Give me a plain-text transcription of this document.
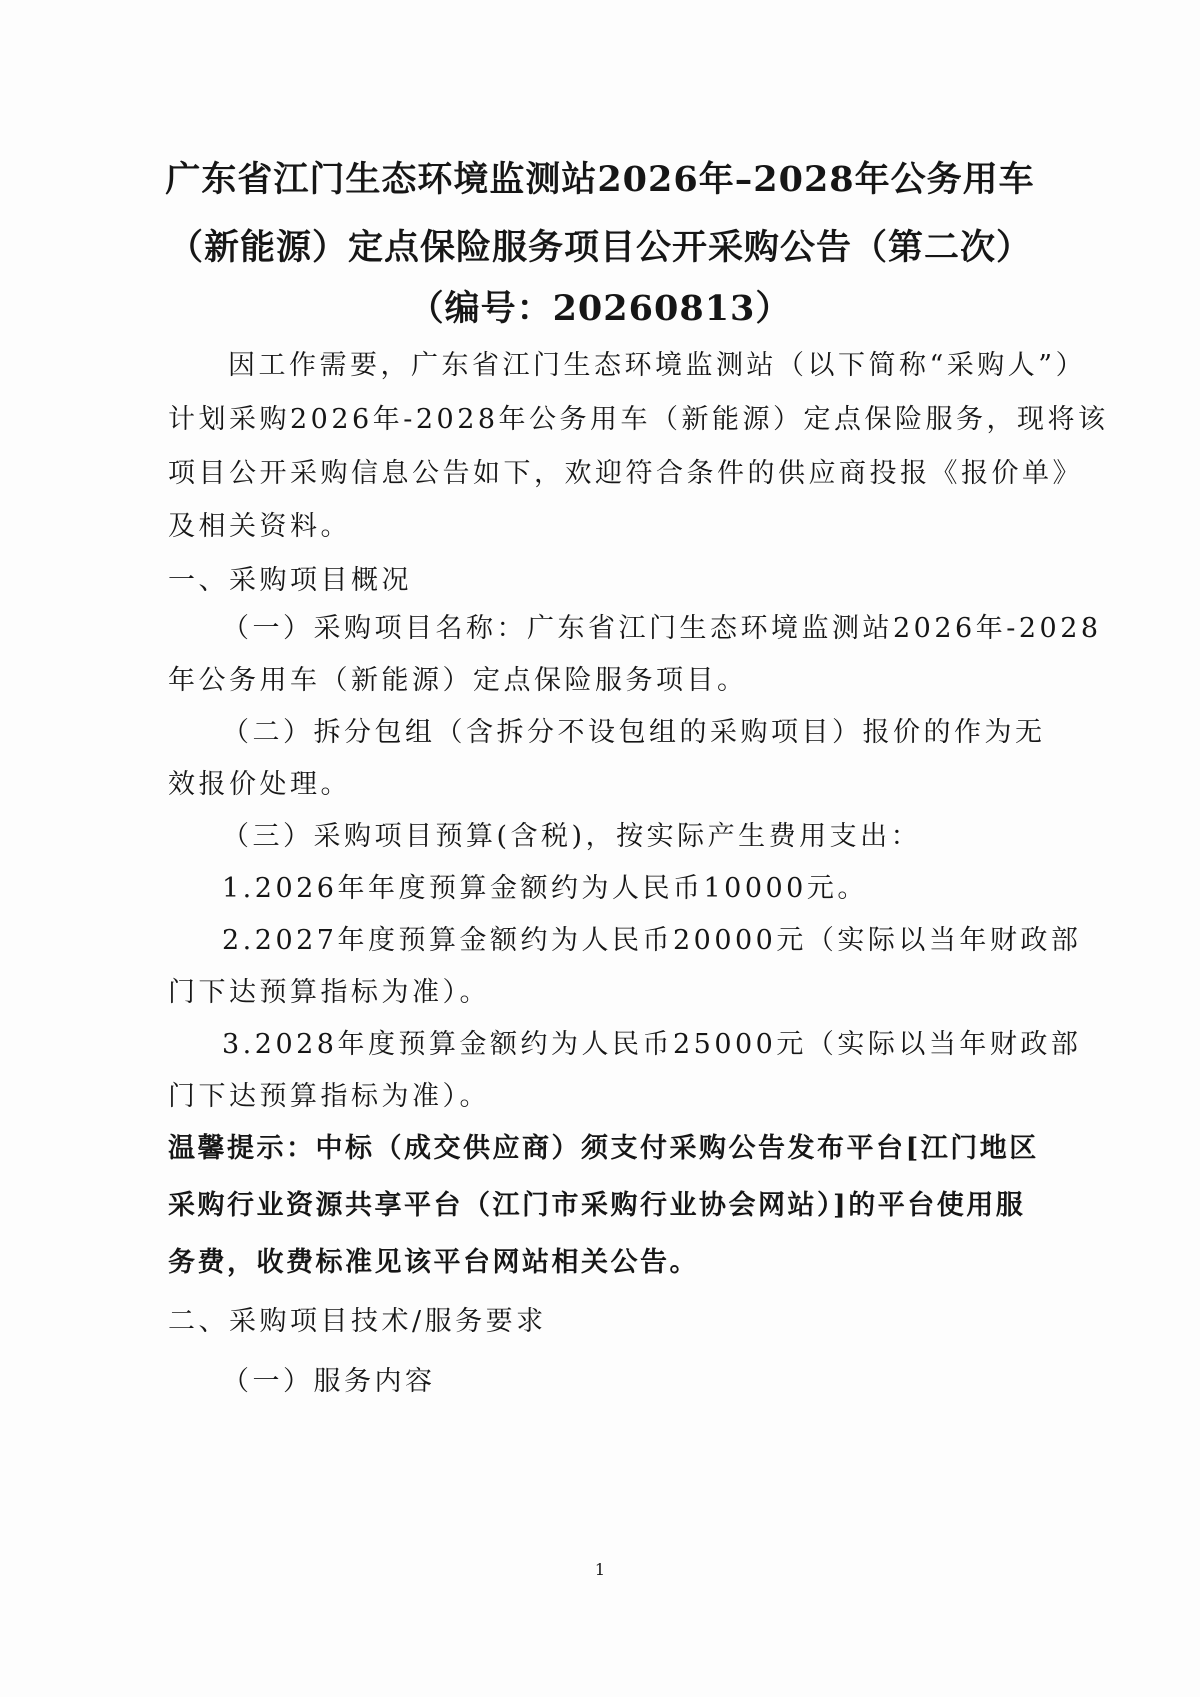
广东省江门生态环境监测站2026年–2028年公务用车
（新能源）定点保险服务项目公开采购公告（第二次）
（编号：20260813）
因工作需要，广东省江门生态环境监测站（以下简称“采购人”）
计划采购2026年-2028年公务用车（新能源）定点保险服务，现将该
项目公开采购信息公告如下，欢迎符合条件的供应商投报《报价单》
及相关资料。
一、采购项目概况
（一）采购项目名称：广东省江门生态环境监测站2026年-2028
年公务用车（新能源）定点保险服务项目。
（二）拆分包组（含拆分不设包组的采购项目）报价的作为无
效报价处理。
（三）采购项目预算(含税)，按实际产生费用支出：
1.2026年年度预算金额约为人民币10000元。
2.2027年度预算金额约为人民币20000元（实际以当年财政部
门下达预算指标为准）。
3.2028年度预算金额约为人民币25000元（实际以当年财政部
门下达预算指标为准）。
温馨提示：中标（成交供应商）须支付采购公告发布平台[江门地区
采购行业资源共享平台（江门市采购行业协会网站）]的平台使用服
务费，收费标准见该平台网站相关公告。
二、采购项目技术/服务要求
（一）服务内容
1
